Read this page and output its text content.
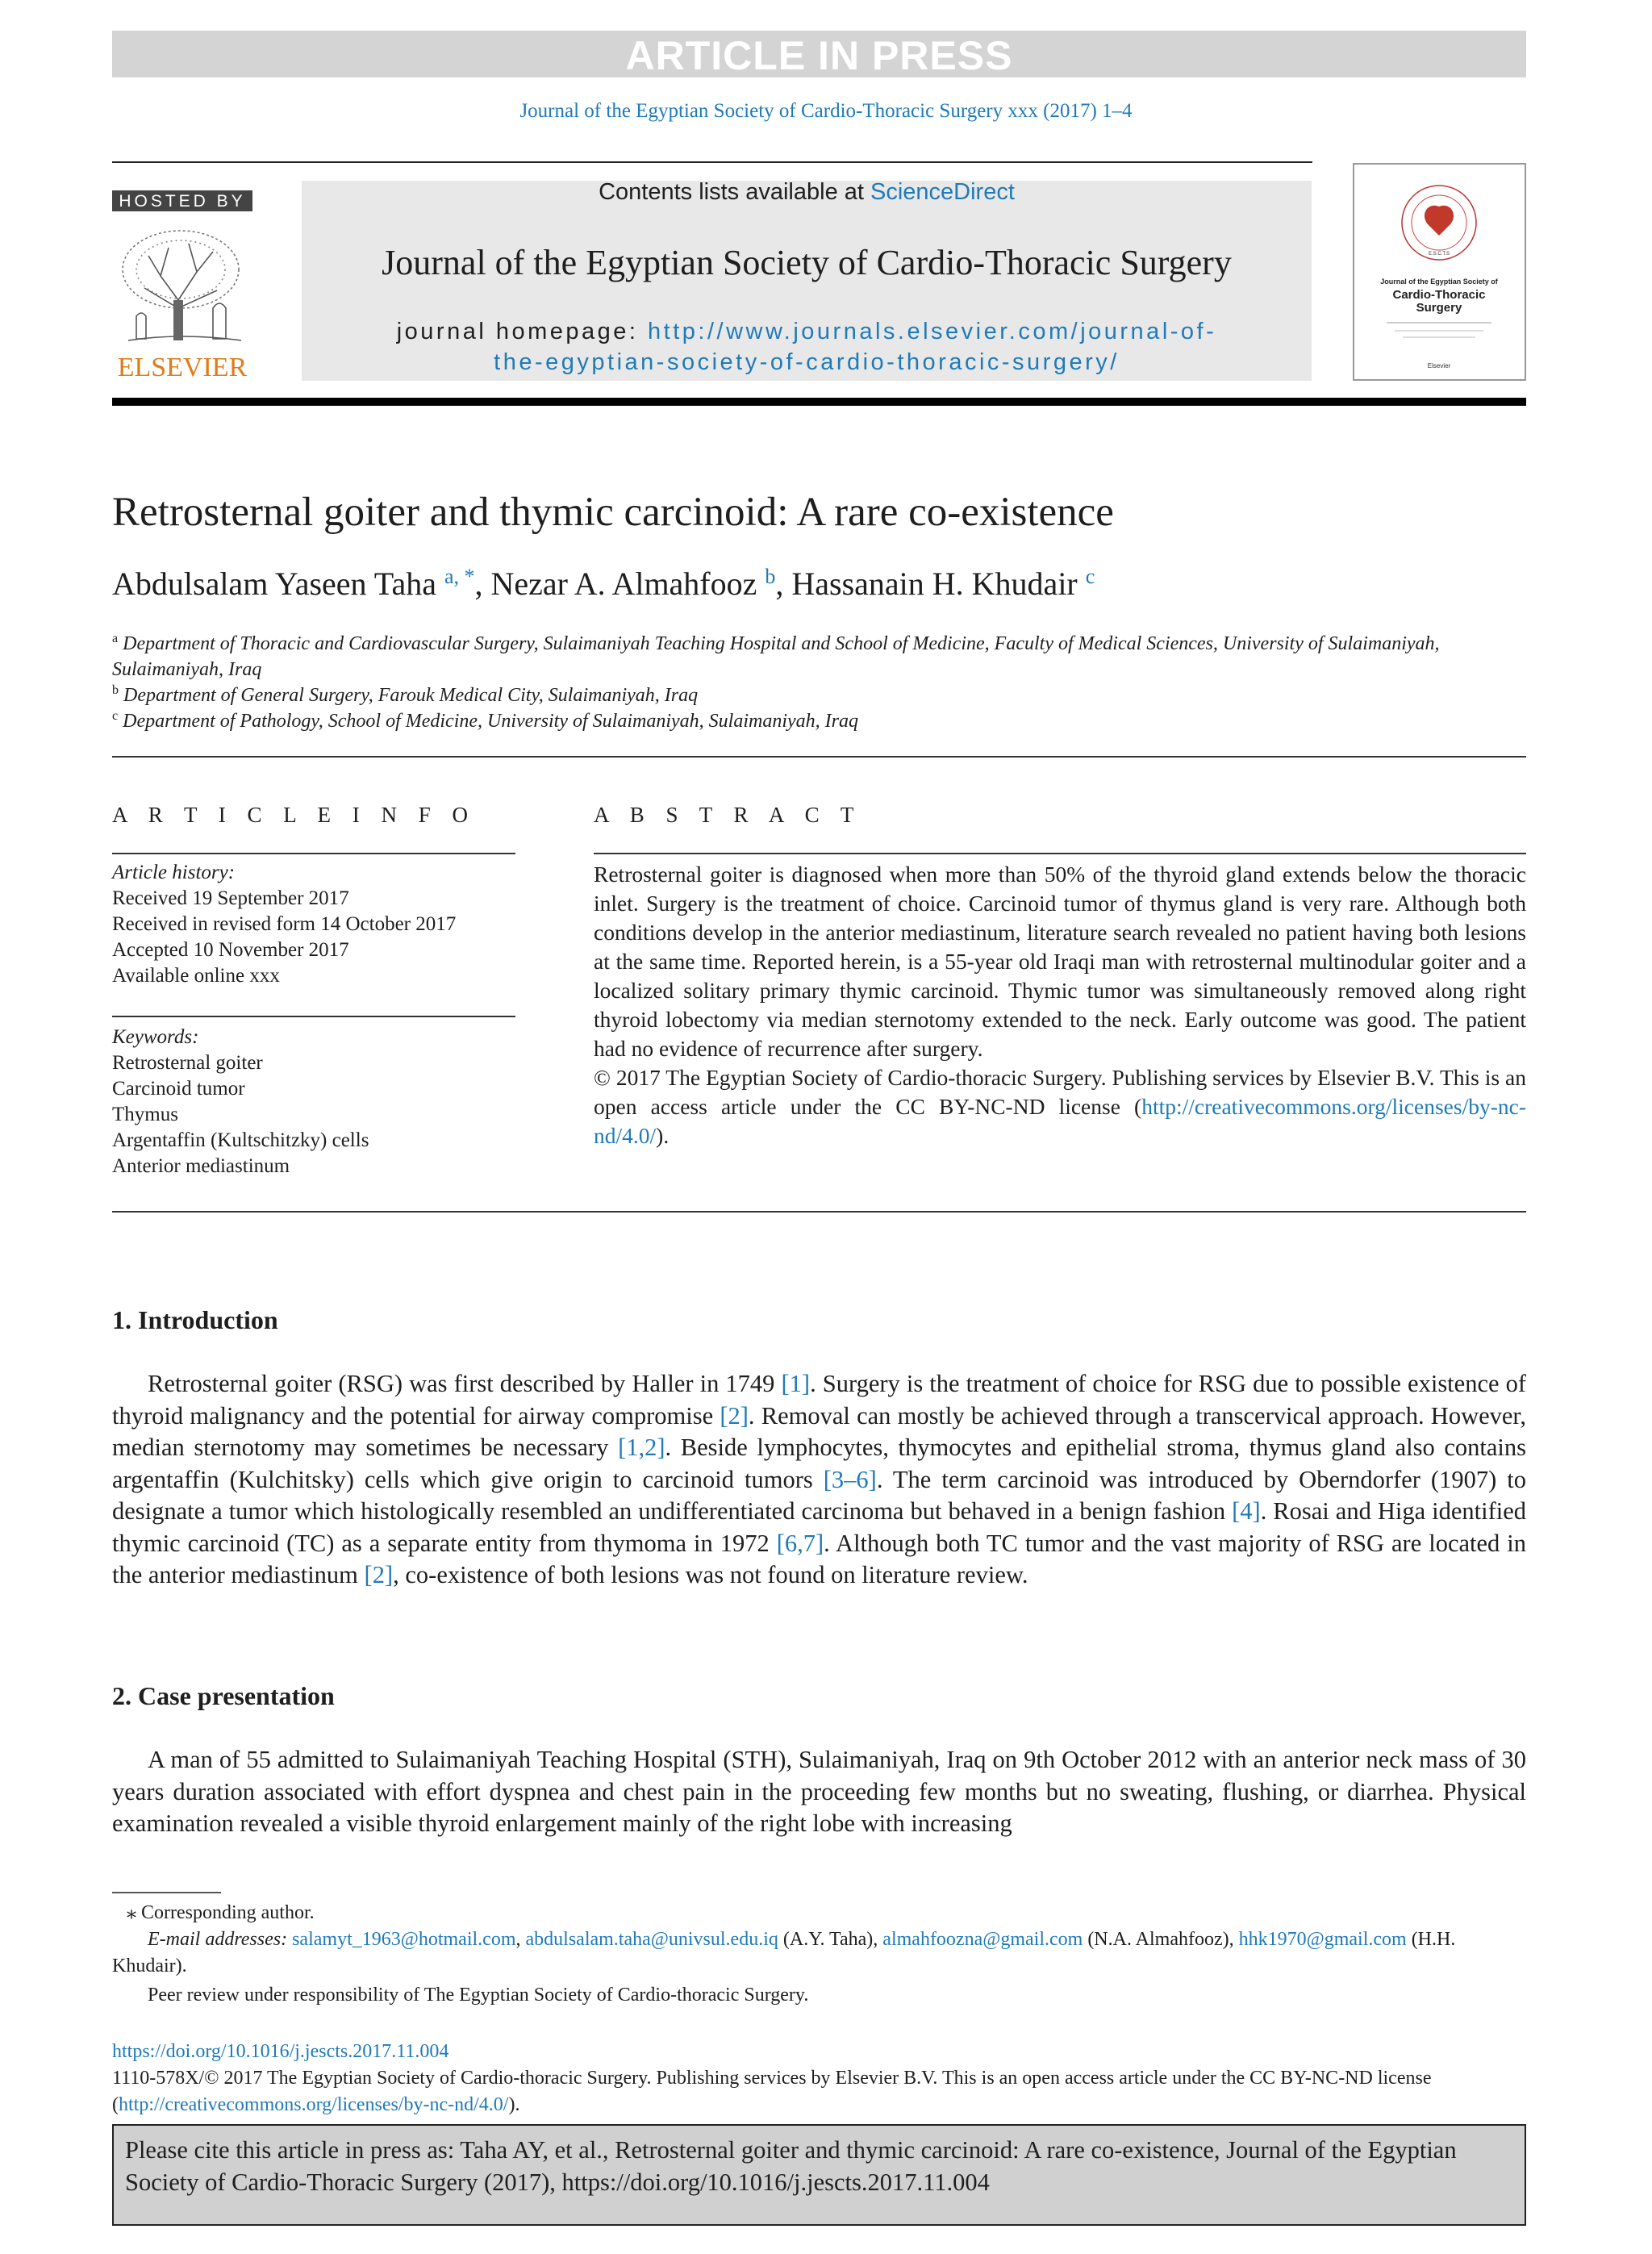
ARTICLE IN PRESS
Journal of the Egyptian Society of Cardio-Thoracic Surgery xxx (2017) 1–4
HOSTED BY
ELSEVIER
Contents lists available at ScienceDirect
Journal of the Egyptian Society of Cardio-Thoracic Surgery
journal homepage: http://www.journals.elsevier.com/journal-of-
the-egyptian-society-of-cardio-thoracic-surgery/
E.S.C.T.S
Journal of the Egyptian Society of
Cardio-Thoracic
Surgery
Elsevier
Retrosternal goiter and thymic carcinoid: A rare co-existence
Abdulsalam Yaseen Taha $^{a, *}$, Nezar A. Almahfooz $^b$, Hassanain H. Khudair $^c$
$^a$ Department of Thoracic and Cardiovascular Surgery, Sulaimaniyah Teaching Hospital and School of Medicine, Faculty of Medical Sciences, University of Sulaimaniyah, Sulaimaniyah, Iraq
$^b$ Department of General Surgery, Farouk Medical City, Sulaimaniyah, Iraq
$^c$ Department of Pathology, School of Medicine, University of Sulaimaniyah, Sulaimaniyah, Iraq
A R T I C L E I N F O
Article history:
Received 19 September 2017
Received in revised form 14 October 2017
Accepted 10 November 2017
Available online xxx
Keywords:
Retrosternal goiter
Carcinoid tumor
Thymus
Argentaffin (Kultschitzky) cells
Anterior mediastinum
A B S T R A C T

Retrosternal goiter is diagnosed when more than 50% of the thyroid gland extends below the thoracic inlet. Surgery is the treatment of choice. Carcinoid tumor of thymus gland is very rare. Although both conditions develop in the anterior mediastinum, literature search revealed no patient having both lesions at the same time. Reported herein, is a 55-year old Iraqi man with retrosternal multinodular goiter and a localized solitary primary thymic carcinoid. Thymic tumor was simultaneously removed along right thyroid lobectomy via median sternotomy extended to the neck. Early outcome was good. The patient had no evidence of recurrence after surgery.

© 2017 The Egyptian Society of Cardio-thoracic Surgery. Publishing services by Elsevier B.V. This is an open access article under the CC BY-NC-ND license (http://creativecommons.org/licenses/by-nc-nd/4.0/).

1. Introduction
Retrosternal goiter (RSG) was first described by Haller in 1749 [1]. Surgery is the treatment of choice for RSG due to possible existence of thyroid malignancy and the potential for airway compromise [2]. Removal can mostly be achieved through a transcervical approach. However, median sternotomy may sometimes be necessary [1,2]. Beside lymphocytes, thymocytes and epithelial stroma, thymus gland also contains argentaffin (Kulchitsky) cells which give origin to carcinoid tumors [3–6]. The term carcinoid was introduced by Oberndorfer (1907) to designate a tumor which histologically resembled an undifferentiated carcinoma but behaved in a benign fashion [4]. Rosai and Higa identified thymic carcinoid (TC) as a separate entity from thymoma in 1972 [6,7]. Although both TC tumor and the vast majority of RSG are located in the anterior mediastinum [2], co-existence of both lesions was not found on literature review.
2. Case presentation
A man of 55 admitted to Sulaimaniyah Teaching Hospital (STH), Sulaimaniyah, Iraq on 9th October 2012 with an anterior neck mass of 30 years duration associated with effort dyspnea and chest pain in the proceeding few months but no sweating, flushing, or diarrhea. Physical examination revealed a visible thyroid enlargement mainly of the right lobe with increasing
⁎ Corresponding author.
E-mail addresses: salamyt_1963@hotmail.com, abdulsalam.taha@univsul.edu.iq (A.Y. Taha), almahfoozna@gmail.com (N.A. Almahfooz), hhk1970@gmail.com (H.H. Khudair).
Peer review under responsibility of The Egyptian Society of Cardio-thoracic Surgery.
https://doi.org/10.1016/j.jescts.2017.11.004
1110-578X/© 2017 The Egyptian Society of Cardio-thoracic Surgery. Publishing services by Elsevier B.V. This is an open access article under the CC BY-NC-ND license (http://creativecommons.org/licenses/by-nc-nd/4.0/).
Please cite this article in press as: Taha AY, et al., Retrosternal goiter and thymic carcinoid: A rare co-existence, Journal of the Egyptian Society of Cardio-Thoracic Surgery (2017), https://doi.org/10.1016/j.jescts.2017.11.004
